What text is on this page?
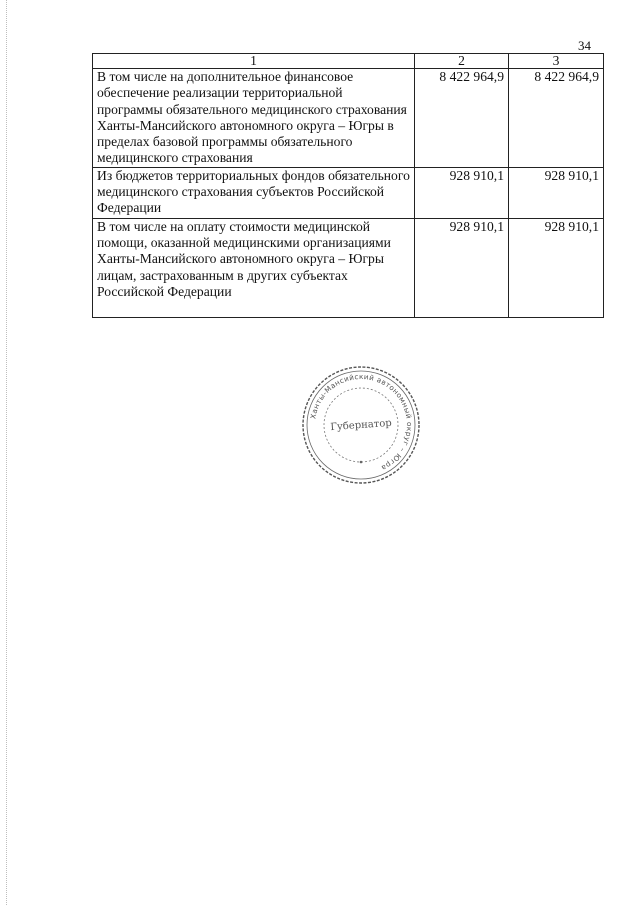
34
1	2	3
В том числе на дополнительное финансовое обеспечение реализации территориальной программы обязательного медицинского страхования Ханты-Мансийского автономного округа – Югры в пределах базовой программы обязательного медицинского страхования	8 422 964,9	8 422 964,9
Из бюджетов территориальных фондов обязательного медицинского страхования субъектов Российской Федерации	928 910,1	928 910,1
В том числе на оплату стоимости медицинской помощи, оказанной медицинскими организациями Ханты-Мансийского автономного округа – Югры лицам, застрахованным в других субъектах Российской Федерации	928 910,1	928 910,1
Ханты-Мансийский автономный округ – Югра
Губернатор
